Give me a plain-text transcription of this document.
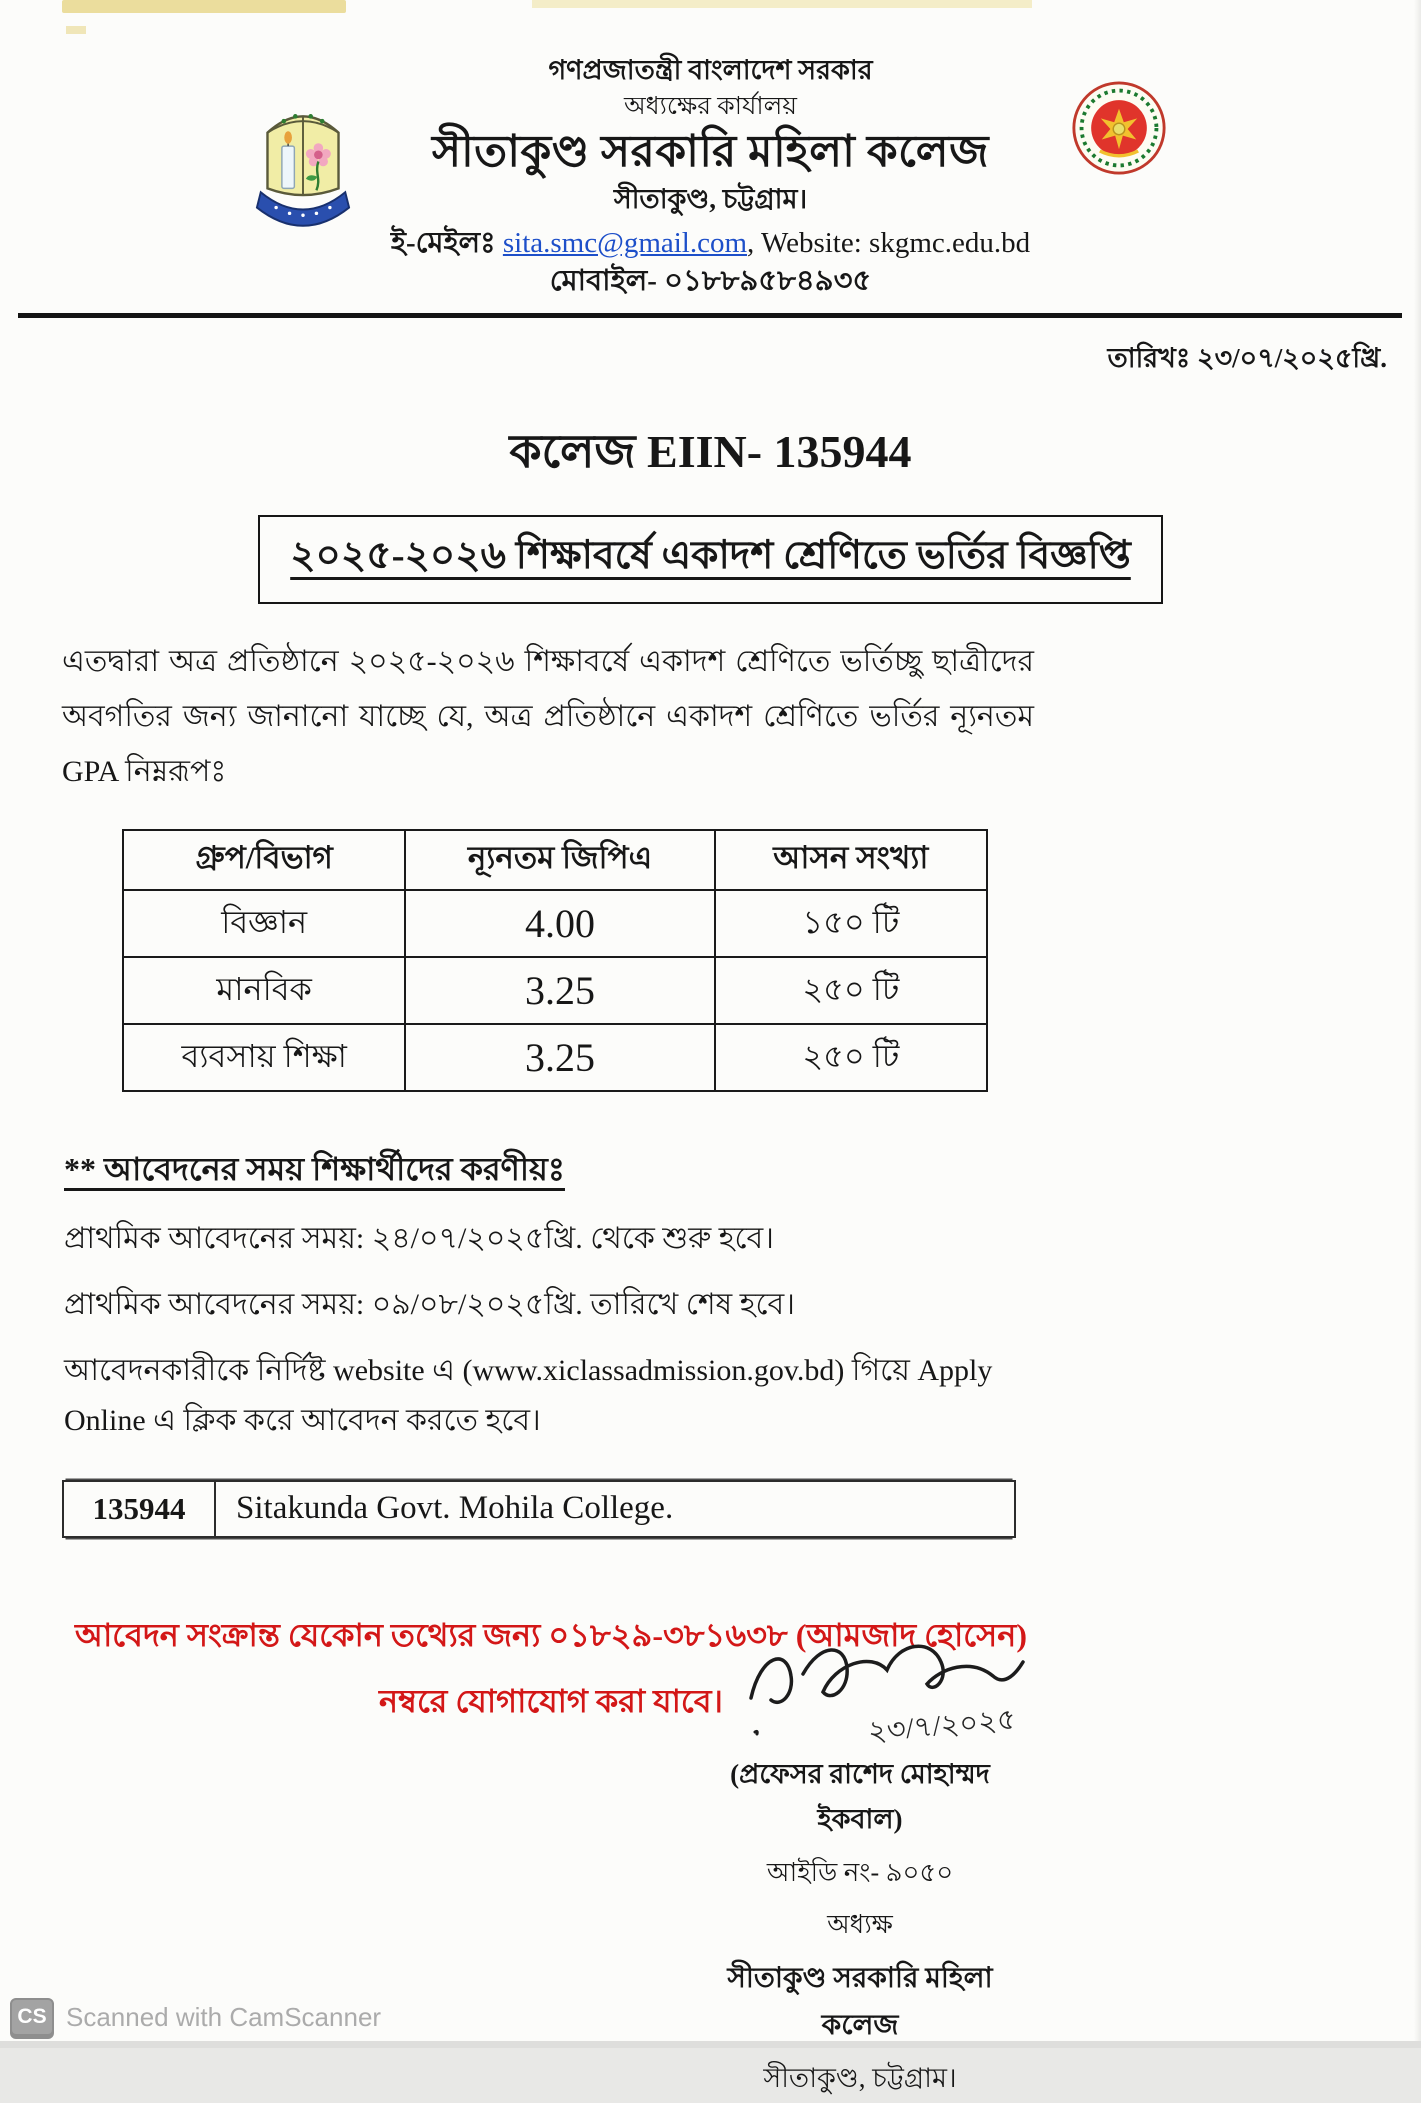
গণপ্রজাতন্ত্রী বাংলাদেশ সরকার
অধ্যক্ষের কার্যালয়
সীতাকুণ্ড সরকারি মহিলা কলেজ
সীতাকুণ্ড, চট্টগ্রাম।
ই-মেইলঃ sita.smc@gmail.com, Website: skgmc.edu.bd
মোবাইল- ০১৮৮৯৫৮৪৯৩৫
তারিখঃ ২৩/০৭/২০২৫খ্রি.
কলেজ EIIN- 135944
২০২৫-২০২৬ শিক্ষাবর্ষে একাদশ শ্রেণিতে ভর্তির বিজ্ঞপ্তি
এতদ্বারা অত্র প্রতিষ্ঠানে ২০২৫-২০২৬ শিক্ষাবর্ষে একাদশ শ্রেণিতে ভর্তিচ্ছু ছাত্রীদের অবগতির জন্য জানানো যাচ্ছে যে, অত্র প্রতিষ্ঠানে একাদশ শ্রেণিতে ভর্তির ন্যূনতম GPA নিম্নরূপঃ
গ্রুপ/বিভাগ	ন্যূনতম জিপিএ	আসন সংখ্যা
বিজ্ঞান	4.00	১৫০ টি
মানবিক	3.25	২৫০ টি
ব্যবসায় শিক্ষা	3.25	২৫০ টি
** আবেদনের সময় শিক্ষার্থীদের করণীয়ঃ
প্রাথমিক আবেদনের সময়: ২৪/০৭/২০২৫খ্রি. থেকে শুরু হবে।
প্রাথমিক আবেদনের সময়: ০৯/০৮/২০২৫খ্রি. তারিখে শেষ হবে।
আবেদনকারীকে নির্দিষ্ট website এ (www.xiclassadmission.gov.bd) গিয়ে Apply Online এ ক্লিক করে আবেদন করতে হবে।
135944	Sitakunda Govt. Mohila College.
আবেদন সংক্রান্ত যেকোন তথ্যের জন্য ০১৮২৯-৩৮১৬৩৮ (আমজাদ হোসেন) নম্বরে যোগাযোগ করা যাবে।
২৩/৭/২০২৫
(প্রফেসর রাশেদ মোহাম্মদ ইকবাল)
আইডি নং- ৯০৫০
অধ্যক্ষ
সীতাকুণ্ড সরকারি মহিলা কলেজ
সীতাকুণ্ড, চট্টগ্রাম।
CS Scanned with CamScanner
